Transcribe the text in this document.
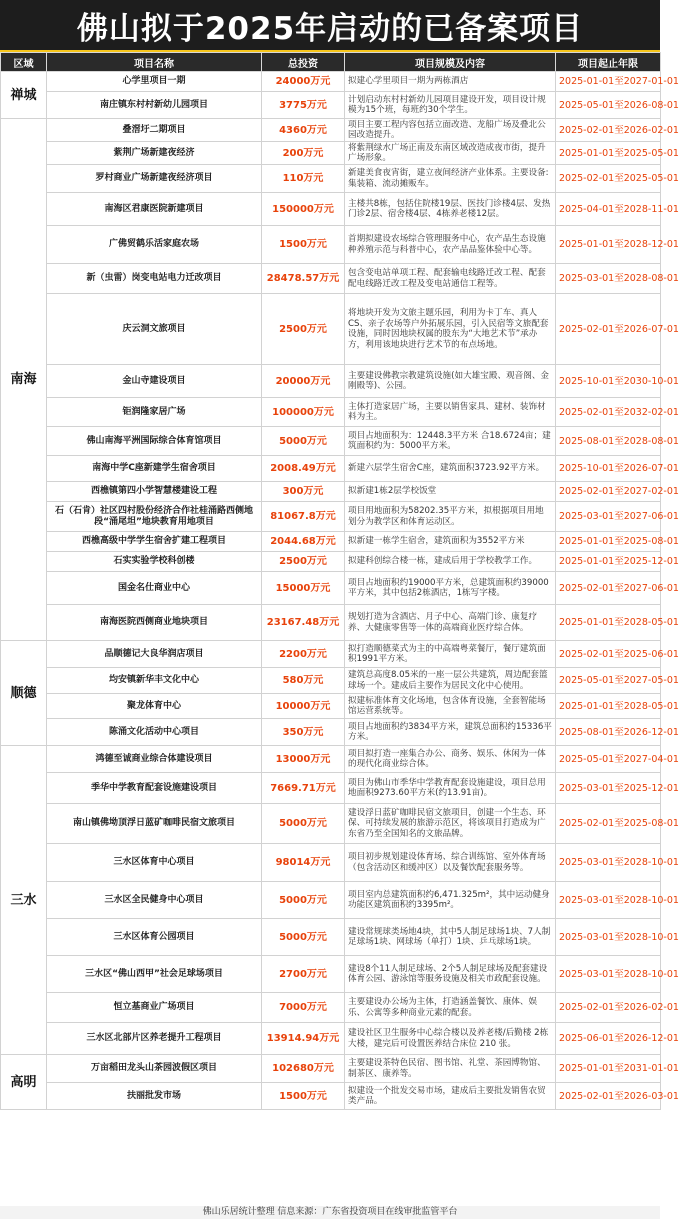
佛山拟于2025年启动的已备案项目
区域	项目名称	总投资	项目规模及内容	项目起止年限
禅城	心学里项目一期	24000万元	拟建心学里项目一期为两栋酒店	2025-01-01至2027-01-01
	南庄镇东村村新幼儿园项目	3775万元	计划启动东村村新幼儿园项目建设开发，项目设计规模为15个班，每班约30个学生。	2025-05-01至2026-08-01
南海	叠滘圩二期项目	4360万元	项目主要工程内容包括立面改造、龙船广场及叠北公园改造提升。	2025-02-01至2026-02-01
	紫荆广场新建夜经济	200万元	将紫荆绿水广场正南及东南区域改造成夜市街，提升广场形象。	2025-01-01至2025-05-01
	罗村商业广场新建夜经济项目	110万元	新建美食夜宵街，建立夜间经济产业体系。主要设备:集装箱、流动摊贩车。	2025-02-01至2025-05-01
	南海区君康医院新建项目	150000万元	主楼共8栋，包括住院楼19层、医技门诊楼4层、发热门诊2层、宿舍楼4层、4栋养老楼12层。	2025-04-01至2028-11-01
	广佛贸鹤乐活家庭农场	1500万元	首期拟建设农场综合管理服务中心，农产品生态设施种养殖示范与科普中心，农产品品鉴体验中心等。	2025-01-01至2028-12-01
	新（虫雷）岗变电站电力迁改项目	28478.57万元	包含变电站单项工程、配套输电线路迁改工程、配套配电线路迁改工程及变电站通信工程等。	2025-03-01至2028-08-01
	庆云洞文旅项目	2500万元	将地块开发为文旅主题乐园，利用为卡丁车、真人CS、亲子农场等户外拓展乐园，引入民宿等文旅配套设施，同时因地块权属的股东为“大地艺术节”承办方，利用该地块进行艺术节的布点场地。	2025-02-01至2026-07-01
	金山寺建设项目	20000万元	主要建设佛教宗教建筑设施(如大雄宝殿、观音阁、金刚殿等)、公园。	2025-10-01至2030-10-01
	钜润隆家居广场	100000万元	主体打造家居广场，主要以销售家具、建材、装饰材料为主。	2025-02-01至2032-02-01
	佛山南海平洲国际综合体育馆项目	5000万元	项目占地面积为：12448.3平方米 合18.6724亩；建筑面积约为：5000平方米。	2025-08-01至2028-08-01
	南海中学C座新建学生宿舍项目	2008.49万元	新建六层学生宿舍C座，建筑面积3723.92平方米。	2025-10-01至2026-07-01
	西樵镇第四小学智慧楼建设工程	300万元	拟新建1栋2层学校饭堂	2025-02-01至2027-02-01
	石（石肯）社区四村股份经济合作社桂涌路西侧地段“涌尾坦”地块教育用地项目	81067.8万元	项目用地面积为58202.35平方米，拟根据项目用地划分为教学区和体育运动区。	2025-03-01至2027-06-01
	西樵高级中学学生宿舍扩建工程项目	2044.68万元	拟新建一栋学生宿舍，建筑面积为3552平方米	2025-01-01至2025-08-01
	石实实验学校科创楼	2500万元	拟建科创综合楼一栋，建成后用于学校教学工作。	2025-01-01至2025-12-01
	国金名仕商业中心	15000万元	项目占地面积约19000平方米，总建筑面积约39000平方米，其中包括2栋酒店，1栋写字楼。	2025-02-01至2027-06-01
	南海医院西侧商业地块项目	23167.48万元	规划打造为含酒店、月子中心、高端门诊、康复疗养、大健康零售等一体的高端商业医疗综合体。	2025-01-01至2028-05-01
顺德	品顺德记大良华润店项目	2200万元	拟打造顺德菜式为主的中高端粤菜餐厅，餐厅建筑面积1991平方米。	2025-02-01至2025-06-01
	均安镇新华丰文化中心	580万元	建筑总高度8.05米的一座一层公共建筑，周边配套篮球场一个。建成后主要作为居民文化中心使用。	2025-05-01至2027-05-01
	聚龙体育中心	10000万元	拟建标准体育文化场地，包含体育设施，全套智能场馆运营系统等。	2025-01-01至2028-05-01
	陈涌文化活动中心项目	350万元	项目占地面积约3834平方米，建筑总面积约15336平方米。	2025-08-01至2026-12-01
三水	鸿德至诚商业综合体建设项目	13000万元	项目拟打造一座集合办公、商务、娱乐、休闲为一体的现代化商业综合体。	2025-05-01至2027-04-01
	季华中学教育配套设施建设项目	7669.71万元	项目为佛山市季华中学教育配套设施建设，项目总用地面积9273.60平方米(约13.91亩)。	2025-03-01至2025-12-01
	南山镇佛坳顶浮日蓝矿咖啡民宿文旅项目	5000万元	建设浮日蓝矿咖啡民宿文旅项目，创建一个生态、环保、可持续发展的旅游示范区，将该项目打造成为广东省乃至全国知名的文旅品牌。	2025-02-01至2025-08-01
	三水区体育中心项目	98014万元	项目初步规划建设体育场、综合训练馆、室外体育场（包含活动区和缓冲区）以及餐饮配套服务等。	2025-03-01至2028-10-01
	三水区全民健身中心项目	5000万元	项目室内总建筑面积约6,471.325m²，其中运动健身功能区建筑面积约3395m²。	2025-03-01至2028-10-01
	三水区体育公园项目	5000万元	建设常规球类场地4块，其中5人制足球场1块、7人制足球场1块、网球场（单打）1块、乒乓球场1块。	2025-03-01至2028-10-01
	三水区“佛山西甲”社会足球场项目	2700万元	建设8个11人制足球场、2个5人制足球场及配套建设体育公园、游泳馆等服务设施及相关市政配套设施。	2025-03-01至2028-10-01
	恒立基商业广场项目	7000万元	主要建设办公场为主体，打造涵盖餐饮、康体、娱乐、公寓等多种商业元素的配套。	2025-02-01至2026-02-01
	三水区北部片区养老提升工程项目	13914.94万元	建设社区卫生服务中心综合楼以及养老楼/后勤楼 2栋大楼，建完后可设置医养结合床位 210 张。	2025-06-01至2026-12-01
高明	万亩稻田龙头山茶园波假区项目	102680万元	主要建设茶特色民宿、图书馆、礼堂、茶园博物馆、制茶区、康养等。	2025-01-01至2031-01-01
	扶丽批发市场	1500万元	拟建设一个批发交易市场，建成后主要批发销售农贸类产品。	2025-02-01至2026-03-01
佛山乐居统计整理 信息来源：广东省投资项目在线审批监管平台
